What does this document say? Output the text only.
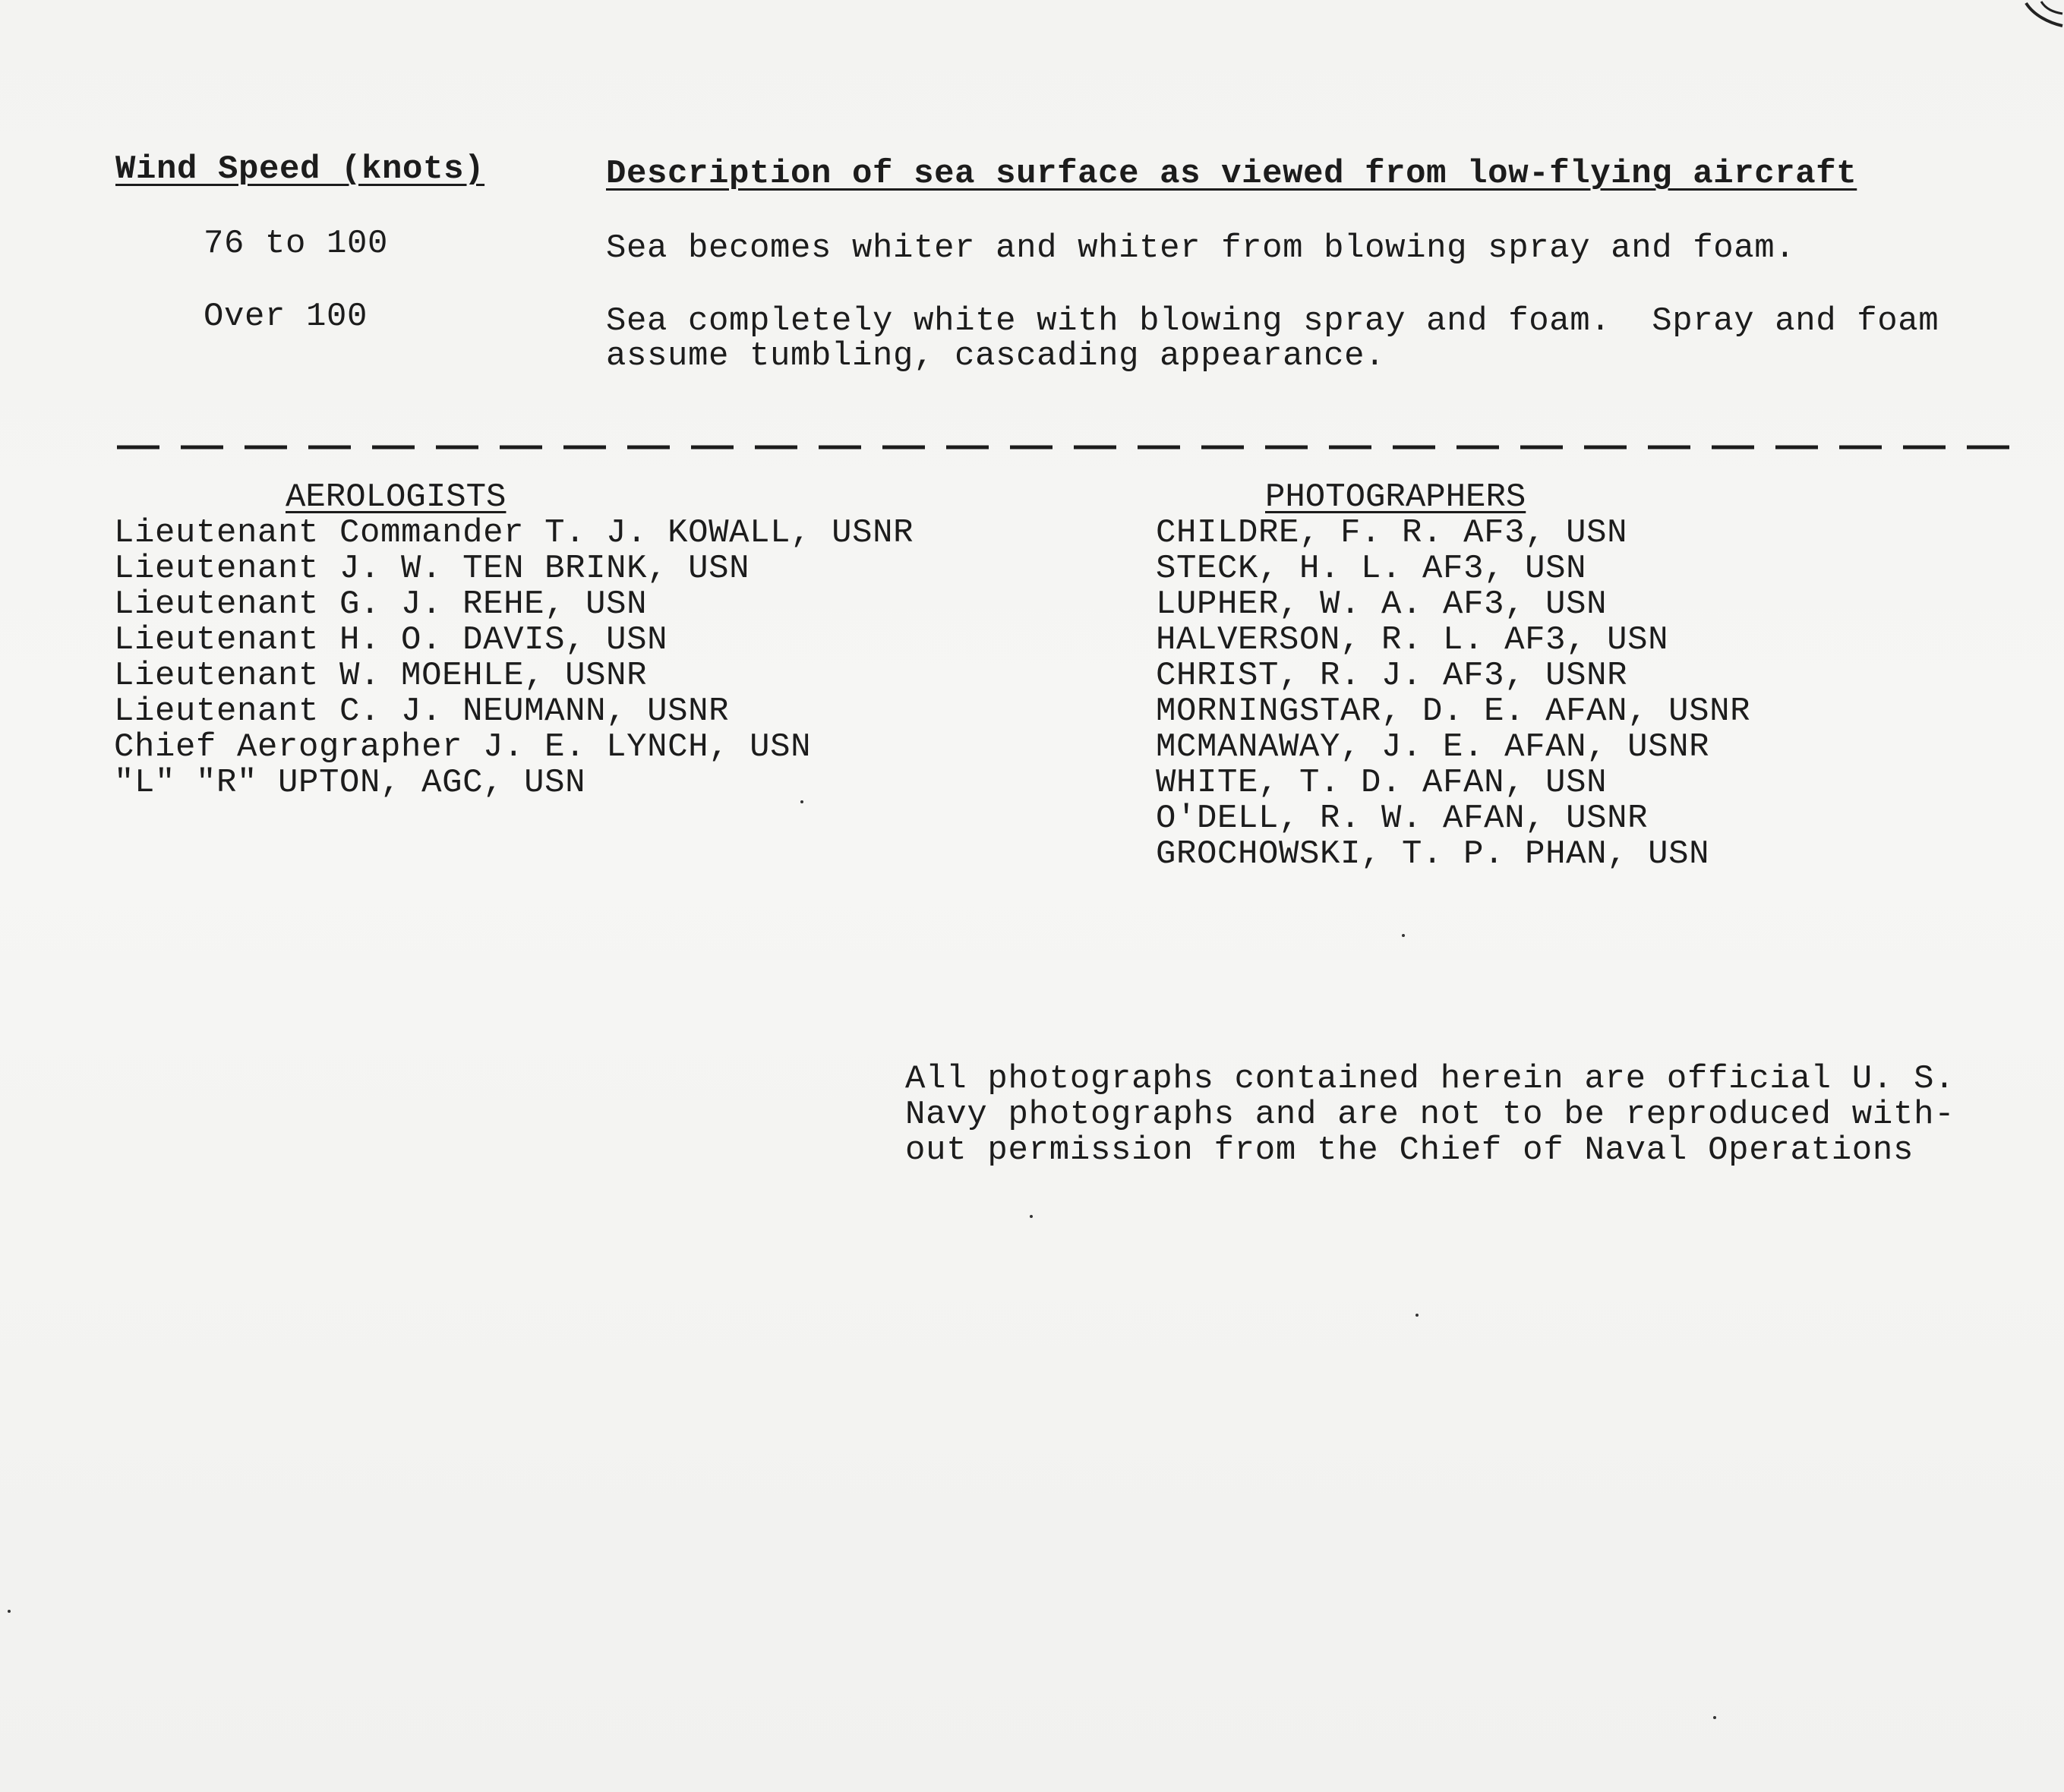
Wind Speed (knots)	Description of sea surface as viewed from low-flying aircraft
76 to 100	Sea becomes whiter and whiter from blowing spray and foam.
Over 100	Sea completely white with blowing spray and foam.  Spray and foam
assume tumbling, cascading appearance.
AEROLOGISTS
Lieutenant Commander T. J. KOWALL, USNR
Lieutenant J. W. TEN BRINK, USN
Lieutenant G. J. REHE, USN
Lieutenant H. O. DAVIS, USN
Lieutenant W. MOEHLE, USNR
Lieutenant C. J. NEUMANN, USNR
Chief Aerographer J. E. LYNCH, USN
"L" "R" UPTON, AGC, USN
PHOTOGRAPHERS
CHILDRE, F. R. AF3, USN
STECK, H. L. AF3, USN
LUPHER, W. A. AF3, USN
HALVERSON, R. L. AF3, USN
CHRIST, R. J. AF3, USNR
MORNINGSTAR, D. E. AFAN, USNR
MCMANAWAY, J. E. AFAN, USNR
WHITE, T. D. AFAN, USN
O'DELL, R. W. AFAN, USNR
GROCHOWSKI, T. P. PHAN, USN
All photographs contained herein are official U. S.
Navy photographs and are not to be reproduced with-
out permission from the Chief of Naval Operations
